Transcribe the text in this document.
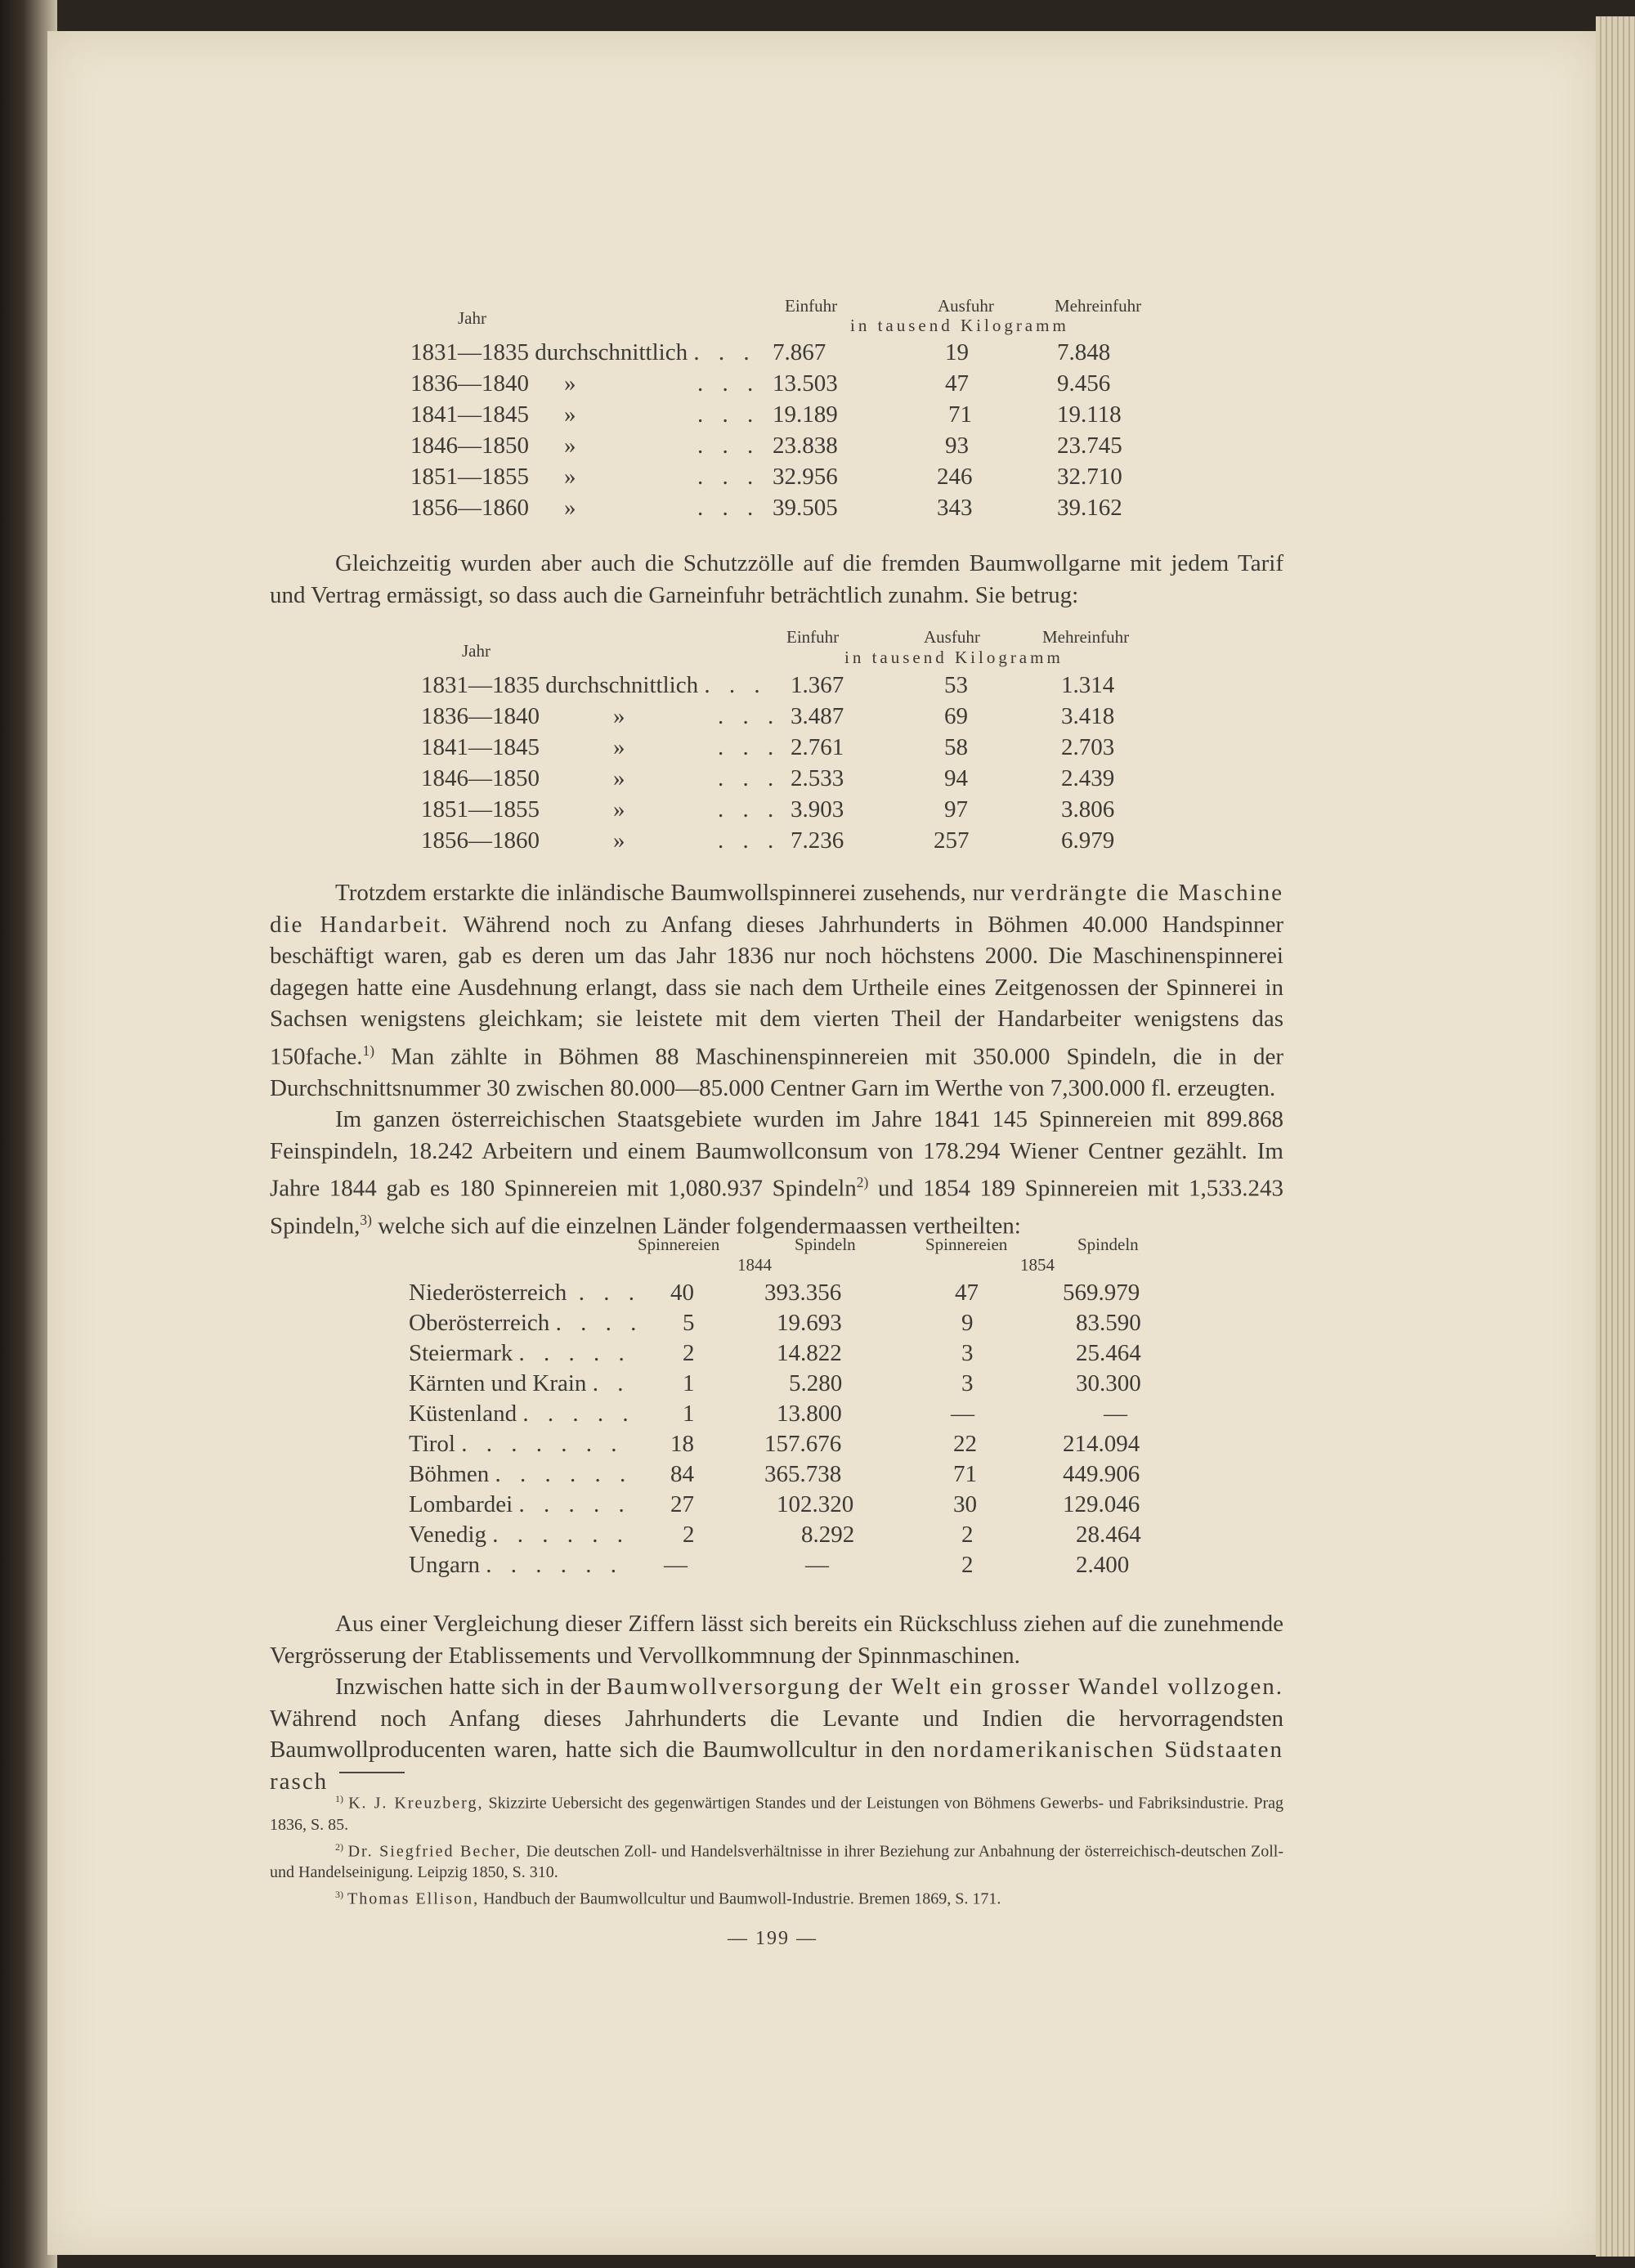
Jahr
Einfuhr	Ausfuhr	Mehreinfuhr
in tausend Kilogramm
1831—1835 durchschnittlich . . . 7.867	19	7.848
1836—1840 »	. . . 13.503	47	9.456
1841—1845 »	. . . 19.189	71	19.118
1846—1850 »	. . . 23.838	93	23.745
1851—1855 »	. . . 32.956	246	32.710
1856—1860 »	. . . 39.505	343	39.162

Gleichzeitig wurden aber auch die Schutzzölle auf die fremden Baumwollgarne mit jedem Tarif und Vertrag ermässigt, so dass auch die Garneinfuhr beträchtlich zunahm. Sie betrug:

Jahr
Einfuhr	Ausfuhr	Mehreinfuhr
in tausend Kilogramm
1831—1835 durchschnittlich . . . 1.367	53	1.314
1836—1840	»	. . . 3.487	69	3.418
1841—1845	»	. . . 2.761	58	2.703
1846—1850	»	. . . 2.533	94	2.439
1851—1855	»	. . . 3.903	97	3.806
1856—1860	»	. . . 7.236	257	6.979

Trotzdem erstarkte die inländische Baumwollspinnerei zusehends, nur verdrängte die Maschine die Handarbeit. Während noch zu Anfang dieses Jahrhunderts in Böhmen 40.000 Handspinner beschäftigt waren, gab es deren um das Jahr 1836 nur noch höchstens 2000. Die Maschinenspinnerei dagegen hatte eine Ausdehnung erlangt, dass sie nach dem Urtheile eines Zeitgenossen der Spinnerei in Sachsen wenigstens gleichkam; sie leistete mit dem vierten Theil der Handarbeiter wenigstens das 150fache.$^{1)}$ Man zählte in Böhmen 88 Maschinenspinnereien mit 350.000 Spindeln, die in der Durchschnittsnummer 30 zwischen 80.000—85.000 Centner Garn im Werthe von 7,300.000 fl. erzeugten.

Im ganzen österreichischen Staatsgebiete wurden im Jahre 1841 145 Spinnereien mit 899.868 Feinspindeln, 18.242 Arbeitern und einem Baumwollconsum von 178.294 Wiener Centner gezählt. Im Jahre 1844 gab es 180 Spinnereien mit 1,080.937 Spindeln$^{2)}$ und 1854 189 Spinnereien mit 1,533.243 Spindeln,$^{3)}$ welche sich auf die einzelnen Länder folgendermaassen vertheilten:

Spinnereien	Spindeln	Spinnereien	Spindeln
1844	1854
Niederösterreich . . . 40	393.356	47	569.979
Oberösterreich . . . . 5	19.693	9	83.590
Steiermark . . . . . 2	14.822	3	25.464
Kärnten und Krain . . 1	5.280	3	30.300
Küstenland . . . . . 1	13.800	—	—
Tirol . . . . . . . 18	157.676	22	214.094
Böhmen . . . . . . 84	365.738	71	449.906
Lombardei . . . . . 27	102.320	30	129.046
Venedig . . . . . . 2	8.292	2	28.464
Ungarn . . . . . . —	—	2	2.400

Aus einer Vergleichung dieser Ziffern lässt sich bereits ein Rückschluss ziehen auf die zunehmende Vergrösserung der Etablissements und Vervollkommnung der Spinnmaschinen.

Inzwischen hatte sich in der Baumwollversorgung der Welt ein grosser Wandel vollzogen. Während noch Anfang dieses Jahrhunderts die Levante und Indien die hervorragendsten Baumwollproducenten waren, hatte sich die Baumwollcultur in den nordamerikanischen Südstaaten rasch

$^{1)}$ K. J. Kreuzberg, Skizzirte Uebersicht des gegenwärtigen Standes und der Leistungen von Böhmens Gewerbs- und Fabriksindustrie. Prag 1836, S. 85.

$^{2)}$ Dr. Siegfried Becher, Die deutschen Zoll- und Handelsverhältnisse in ihrer Beziehung zur Anbahnung der österreichisch-deutschen Zoll- und Handelseinigung. Leipzig 1850, S. 310.

$^{3)}$ Thomas Ellison, Handbuch der Baumwollcultur und Baumwoll-Industrie. Bremen 1869, S. 171.

— 199 —
